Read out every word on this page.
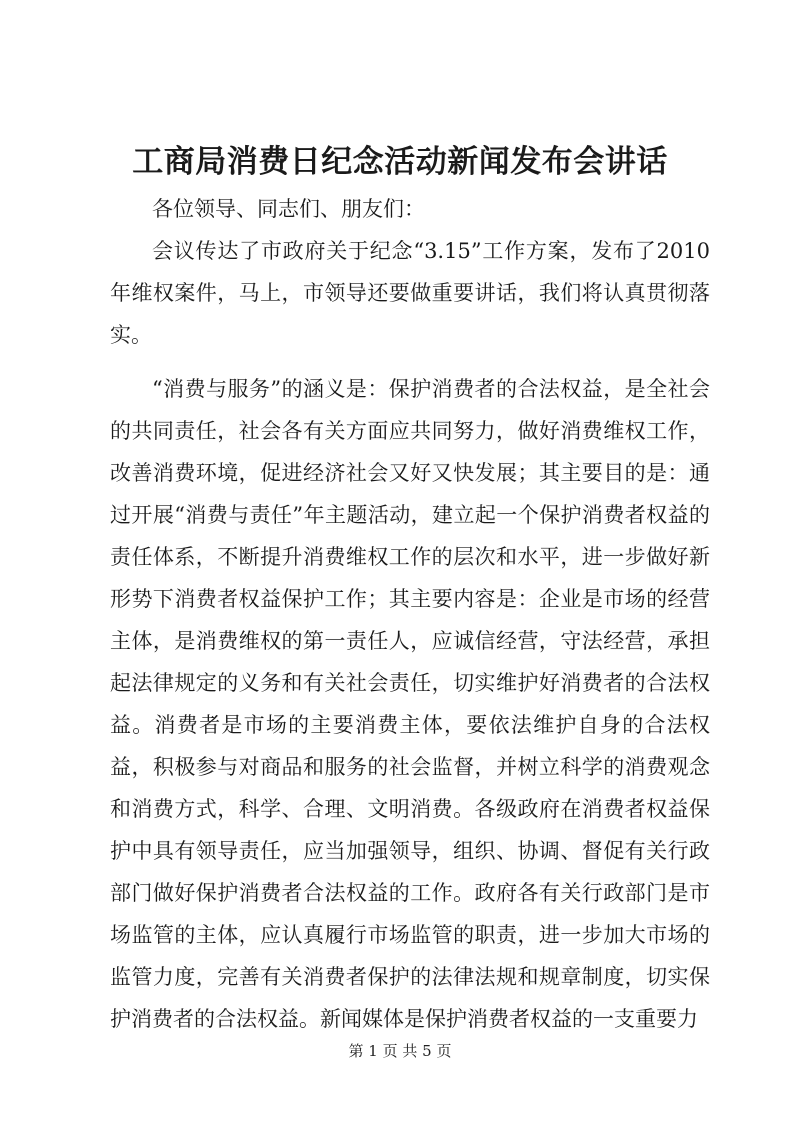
工商局消费日纪念活动新闻发布会讲话

各位领导、同志们、朋友们：

会议传达了市政府关于纪念“3.15”工作方案，发布了2010年维权案件，马上，市领导还要做重要讲话，我们将认真贯彻落实。

“消费与服务”的涵义是：保护消费者的合法权益，是全社会的共同责任，社会各有关方面应共同努力，做好消费维权工作，改善消费环境，促进经济社会又好又快发展；其主要目的是：通过开展“消费与责任”年主题活动，建立起一个保护消费者权益的责任体系，不断提升消费维权工作的层次和水平，进一步做好新形势下消费者权益保护工作；其主要内容是：企业是市场的经营主体，是消费维权的第一责任人，应诚信经营，守法经营，承担起法律规定的义务和有关社会责任，切实维护好消费者的合法权益。消费者是市场的主要消费主体，要依法维护自身的合法权益，积极参与对商品和服务的社会监督，并树立科学的消费观念和消费方式，科学、合理、文明消费。各级政府在消费者权益保护中具有领导责任，应当加强领导，组织、协调、督促有关行政部门做好保护消费者合法权益的工作。政府各有关行政部门是市场监管的主体，应认真履行市场监管的职责，进一步加大市场的监管力度，完善有关消费者保护的法律法规和规章制度，切实保护消费者的合法权益。新闻媒体是保护消费者权益的一支重要力

第 1 页 共 5 页
